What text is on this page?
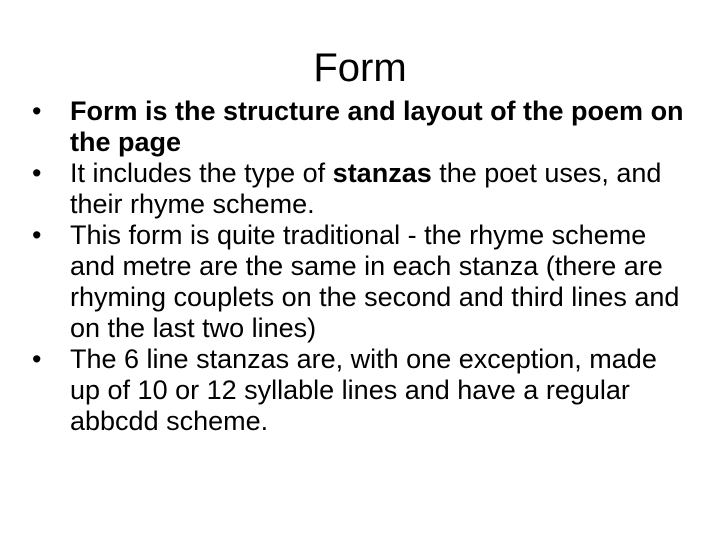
Form
•	Form is the structure and layout of the poem on the page
•	It includes the type of stanzas the poet uses, and their rhyme scheme.
•	This form is quite traditional - the rhyme scheme and metre are the same in each stanza (there are rhyming couplets on the second and third lines and on the last two lines)
•	The 6 line stanzas are, with one exception, made up of 10 or 12 syllable lines and have a regular abbcdd scheme.
